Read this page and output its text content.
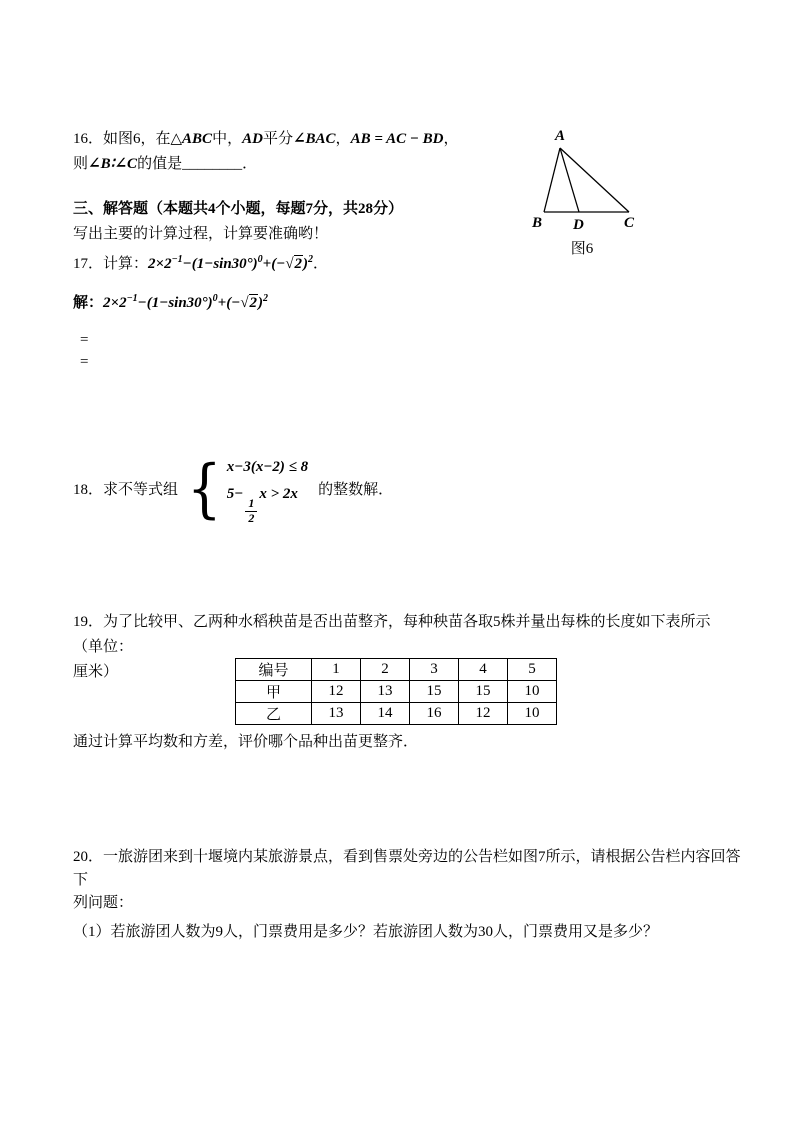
16．如图6，在△ABC中，AD平分∠BAC，AB = AC − BD，
则∠B∶∠C的值是________．
A
B D	C
图6
三、解答题（本题共4个小题，每题7分，共28分）
写出主要的计算过程，计算要准确哟！
17．计算：$2\times 2^{-1}-(1-\sin 30^\circ)^0+(-√2)^2$．
解：$2\times 2^{-1}-(1-\sin 30^\circ)^0+(-√2)^2$
=
=
18．求不等式组 { x−3(x−2) ≤ 8
5−
$\frac{1}{2}$
x > 2x	的整数解．
19．为了比较甲、乙两种水稻秧苗是否出苗整齐，每种秧苗各取5株并量出每株的长度如下表所示（单位：
厘米）	编号	1	2	3	4	5
甲	12	13	15	15	10
乙	13	14	16	12	10
通过计算平均数和方差，评价哪个品种出苗更整齐．
20．一旅游团来到十堰境内某旅游景点，看到售票处旁边的公告栏如图7所示，请根据公告栏内容回答下
列问题：
（1）若旅游团人数为9人，门票费用是多少？若旅游团人数为30人，门票费用又是多少？
